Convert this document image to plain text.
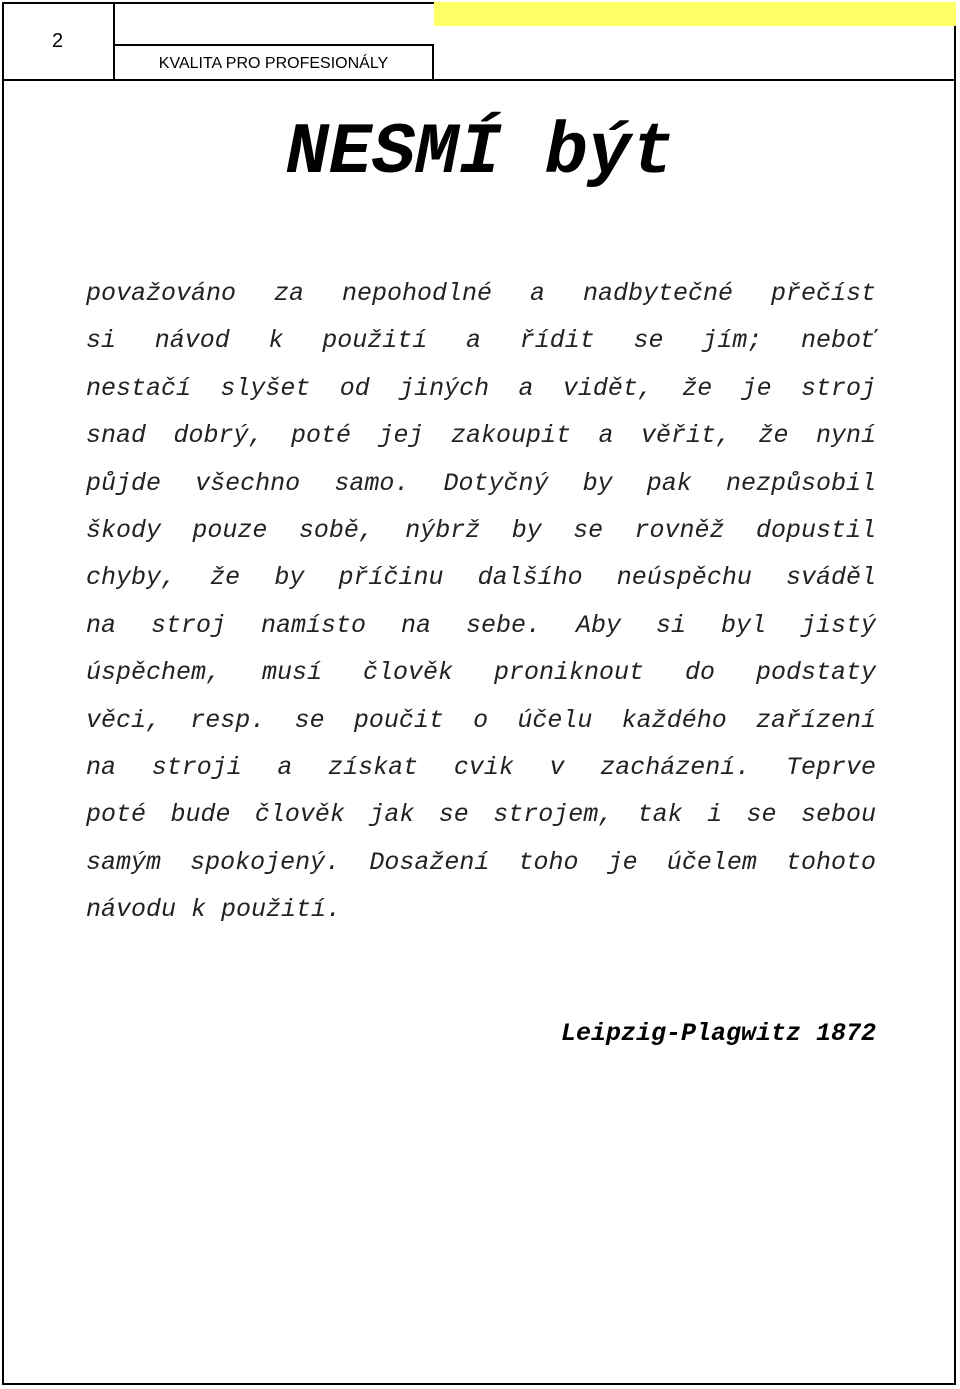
2
KVALITA PRO PROFESIONÁLY
NESMÍ být
považováno za nepohodlné a nadbytečné přečíst
si návod k použití a řídit se jím; neboť
nestačí slyšet od jiných a vidět, že je stroj
snad dobrý, poté jej zakoupit a věřit, že nyní
půjde všechno samo. Dotyčný by pak nezpůsobil
škody pouze sobě, nýbrž by se rovněž dopustil
chyby, že by příčinu dalšího neúspěchu sváděl
na stroj namísto na sebe. Aby si byl jistý
úspěchem, musí člověk proniknout do podstaty
věci, resp. se poučit o účelu každého zařízení
na stroji a získat cvik v zacházení. Teprve
poté bude člověk jak se strojem, tak i se sebou
samým spokojený. Dosažení toho je účelem tohoto
návodu k použití.
Leipzig-Plagwitz 1872
